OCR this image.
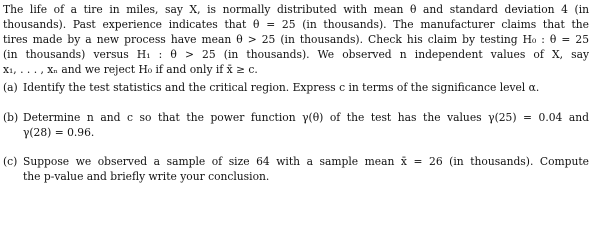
The life of a tire in miles, say X, is normally distributed with mean θ and standard deviation 4 (in
thousands). Past experience indicates that θ = 25 (in thousands). The manufacturer claims that the
tires made by a new process have mean θ > 25 (in thousands). Check his claim by testing H₀ : θ = 25
(in thousands) versus H₁ : θ > 25 (in thousands). We observed n independent values of X, say
x₁, . . . , xₙ and we reject H₀ if and only if x̄ ≥ c.
(a) Identify the test statistics and the critical region. Express c in terms of the significance level α.
(b) Determine n and c so that the power function γ(θ) of the test has the values γ(25) = 0.04 and
γ(28) = 0.96.
(c) Suppose we observed a sample of size 64 with a sample mean x̄ = 26 (in thousands). Compute
the p-value and briefly write your conclusion.
